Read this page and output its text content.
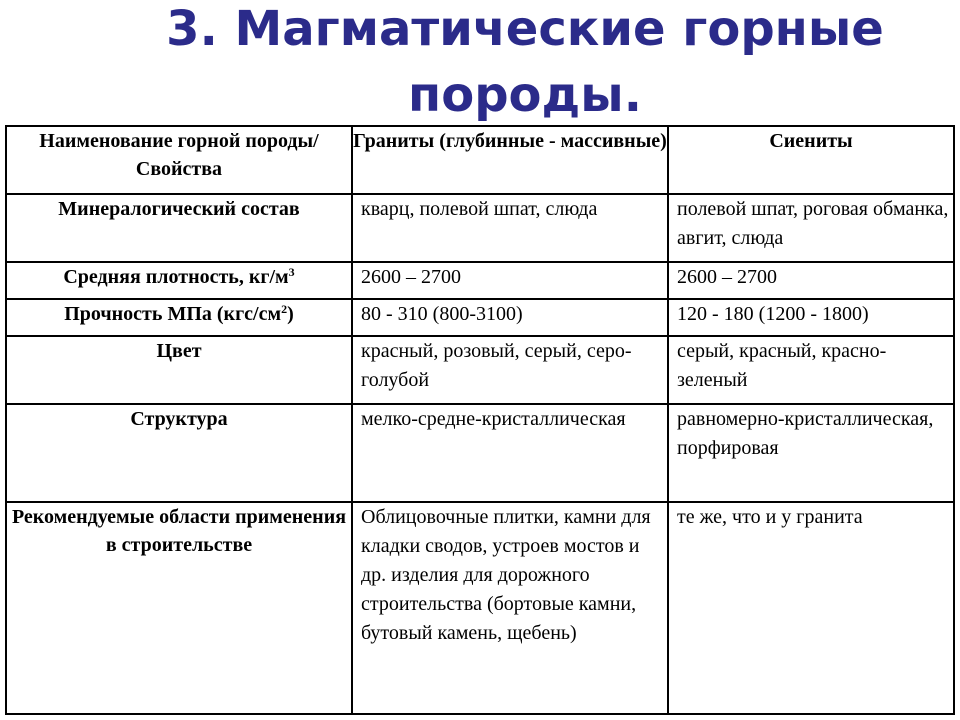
3. Магматические горные
породы.
Наименование горной породы/Свойства	Граниты (глубинные - массивные)	Сиениты
Минералогический состав	кварц, полевой шпат, слюда	полевой шпат, роговая обманка, авгит, слюда
Средняя плотность, $кг/м^3$	2600 – 2700	2600 – 2700
Прочность МПа $(кгс/см^2)$	80 - 310 (800-3100)	120 - 180 (1200 - 1800)
Цвет	красный, розовый, серый, серо-голубой	серый, красный, красно-зеленый
Структура	мелко-средне-кристаллическая	равномерно-кристаллическая, порфировая
Рекомендуемые области применения в строительстве	Облицовочные плитки, камни для кладки сводов, устроев мостов и др. изделия для дорожного строительства (бортовые камни, бутовый камень, щебень)	те же, что и у гранита
